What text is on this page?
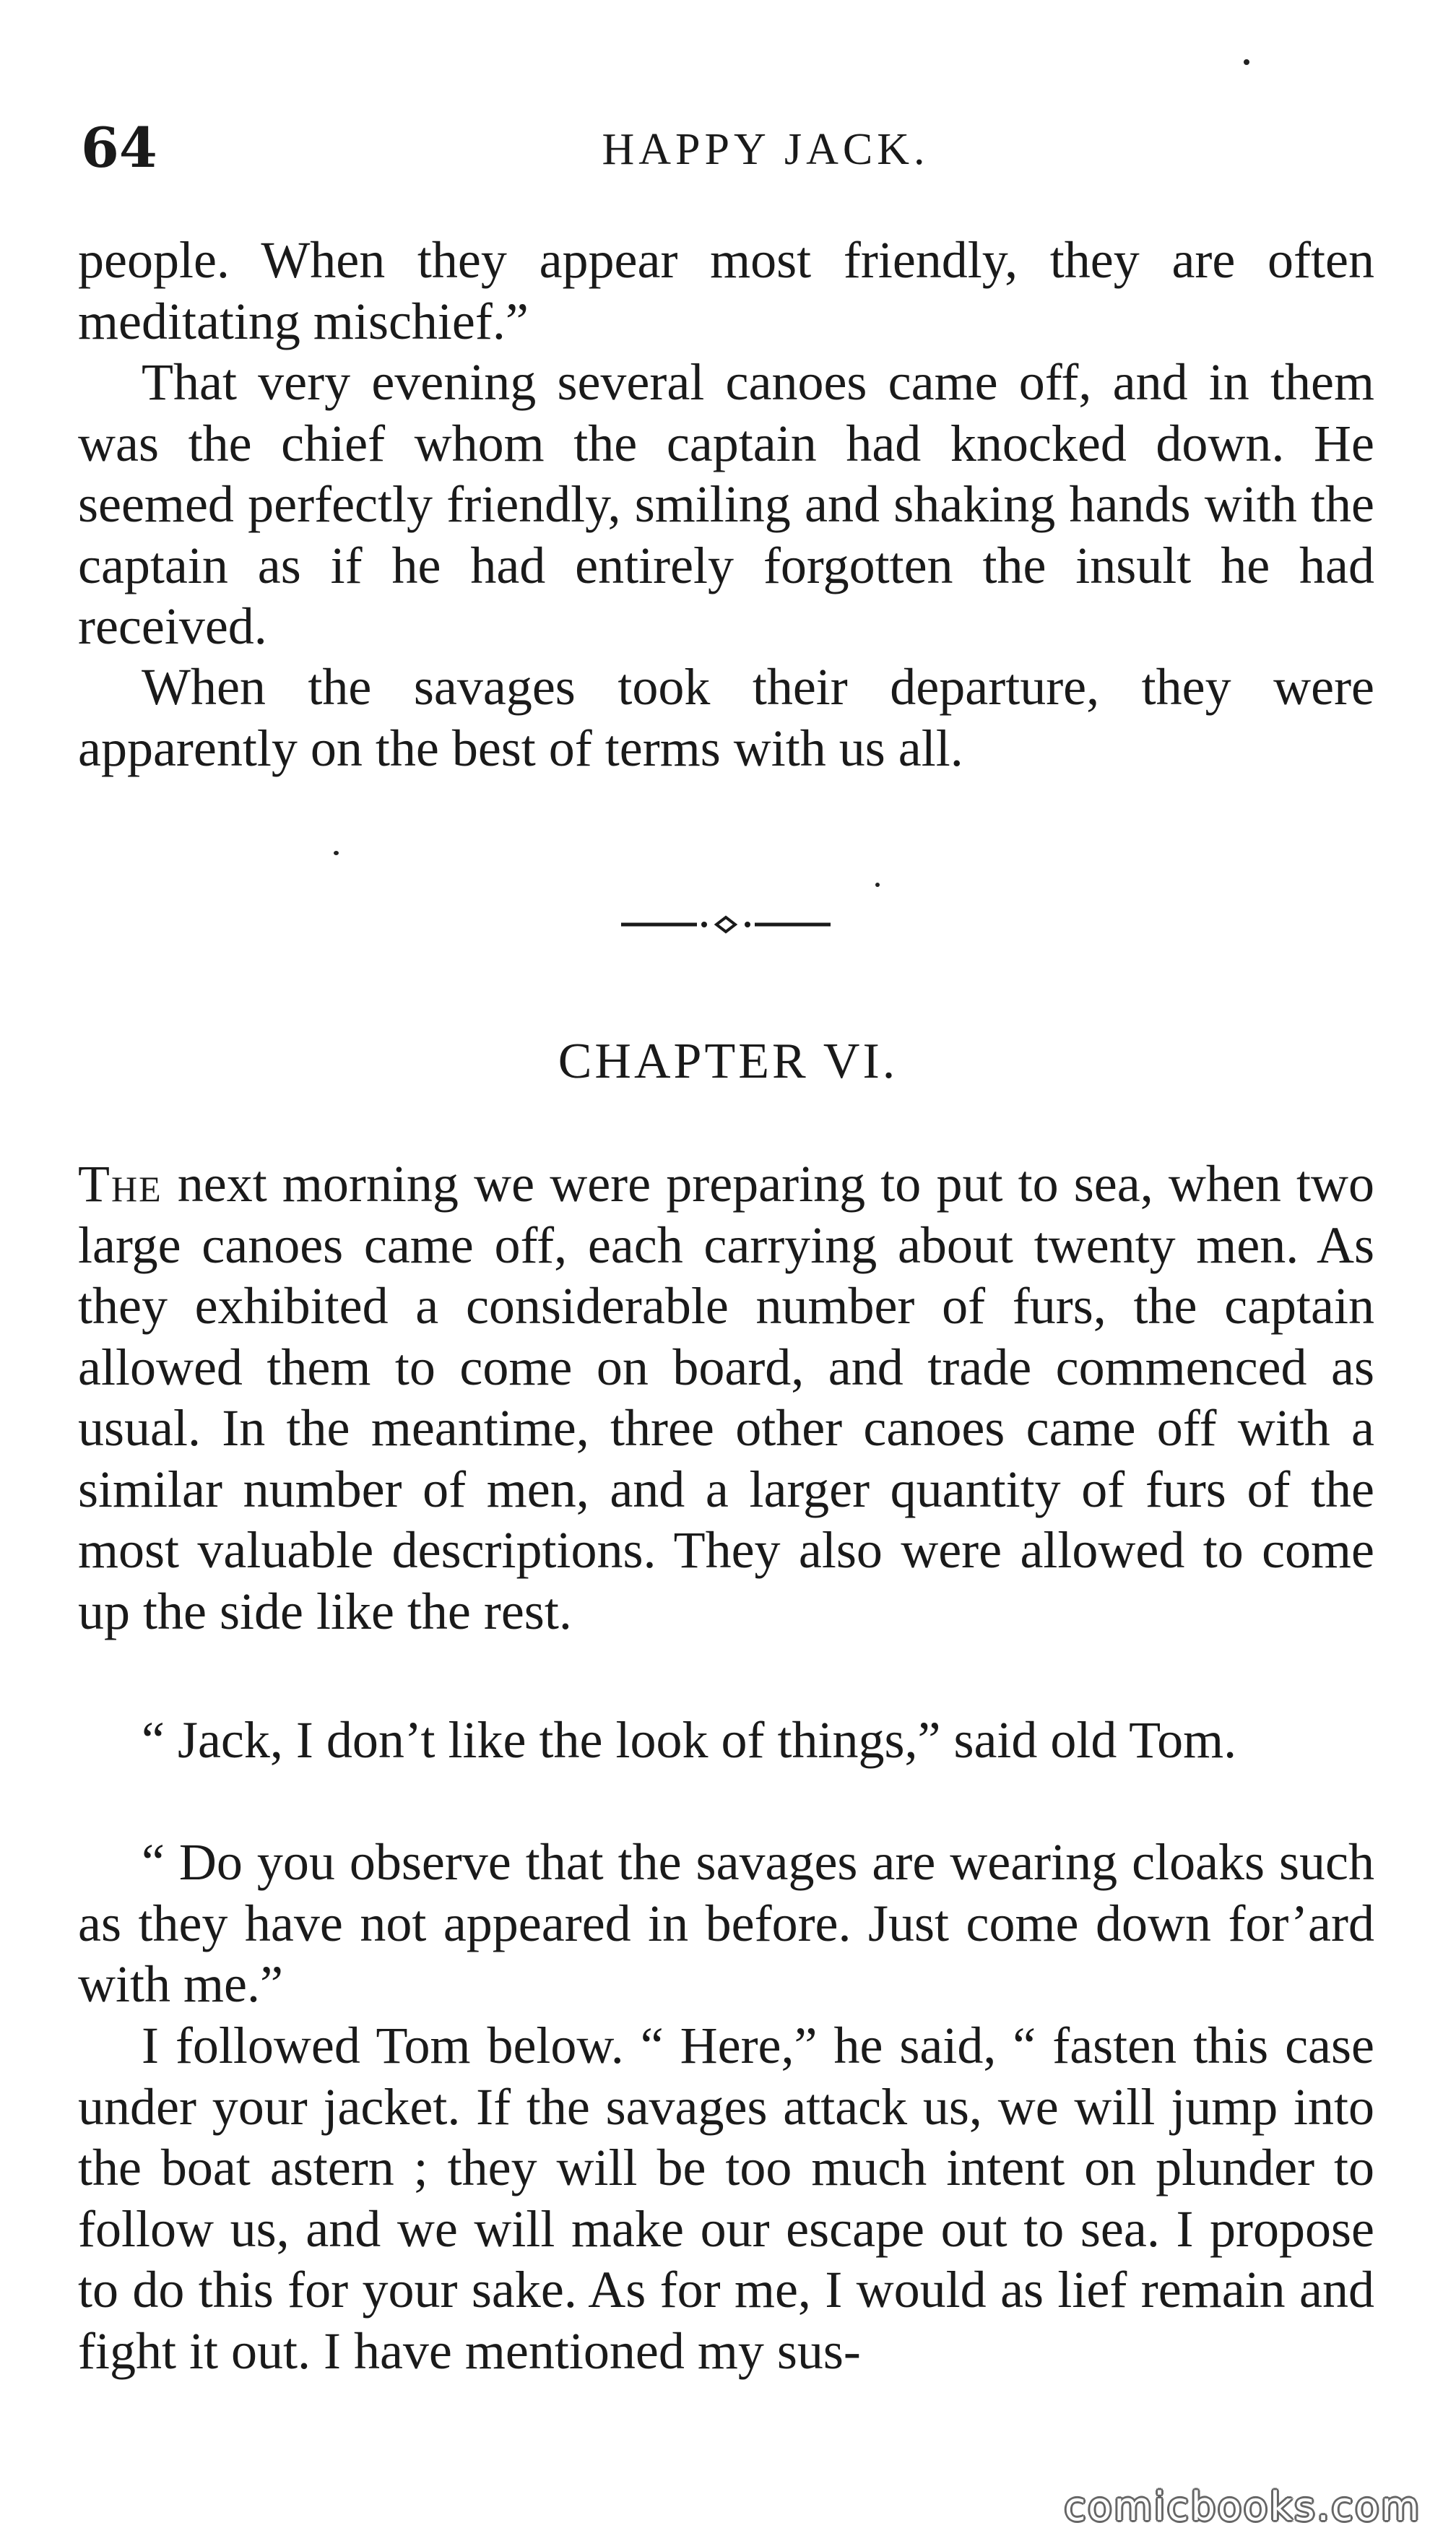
64	HAPPY JACK.

people. When they appear most friendly, they are often meditating mischief.”

That very evening several canoes came off, and in them was the chief whom the captain had knocked down. He seemed perfectly friendly, smiling and shaking hands with the captain as if he had entirely forgotten the insult he had received.

When the savages took their departure, they were apparently on the best of terms with us all.

CHAPTER VI.

The next morning we were preparing to put to sea, when two large canoes came off, each carrying about twenty men. As they exhibited a considerable number of furs, the captain allowed them to come on board, and trade commenced as usual. In the meantime, three other canoes came off with a similar number of men, and a larger quantity of furs of the most valuable descriptions. They also were allowed to come up the side like the rest.

“ Jack, I don’t like the look of things,” said old Tom.

“ Do you observe that the savages are wearing cloaks such as they have not appeared in before. Just come down for’ard with me.”

I followed Tom below. “ Here,” he said, “ fasten this case under your jacket. If the savages attack us, we will jump into the boat astern ; they will be too much intent on plunder to follow us, and we will make our escape out to sea. I propose to do this for your sake. As for me, I would as lief remain and fight it out. I have mentioned my sus-

comicbooks.com
